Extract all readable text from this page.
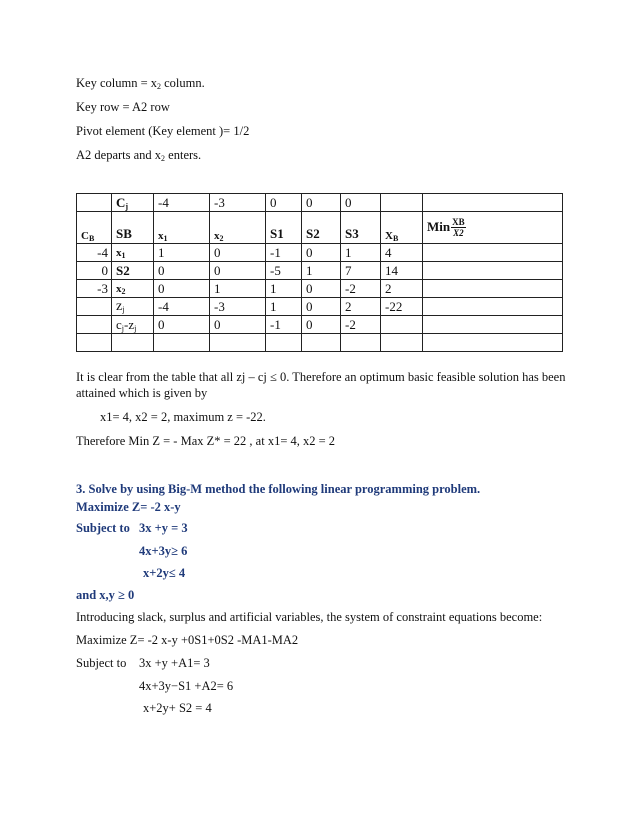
Key column = $x_2$ column.
Key row = A2 row
Pivot element (Key element )= 1/2
A2 departs and $x_2$ enters.
	$C_j$	-4	-3	0	0	0		
$C_B$	SB	$x_1$	$x_2$	S1	S2	S3	$X_B$	Min $\frac{XB}{X2}$

-4	$x_1$	1	0	-1	0	1	4	
0	S2	0	0	-5	1	7	14	
-3	$x_2$	0	1	1	0	-2	2	
	$z_j$	-4	-3	1	0	2	-22	
	$c_j-z_j$	0	0	-1	0	-2		

It is clear from the table that all zj – cj ≤ 0. Therefore an optimum basic feasible solution has been
attained which is given by
x1= 4, x2 = 2, maximum z = -22.
Therefore Min Z = - Max Z* = 22 , at x1= 4, x2 = 2
3. Solve by using Big-M method the following linear programming problem.
Maximize Z= -2 x-y
Subject to 3x +y = 3
4x+3y≥ 6
x+2y≤ 4
and x,y ≥ 0
Introducing slack, surplus and artificial variables, the system of constraint equations become:
Maximize Z= -2 x-y +0S1+0S2 -MA1-MA2
Subject to 3x +y +A1= 3
4x+3y−S1 +A2= 6
x+2y+ S2 = 4
